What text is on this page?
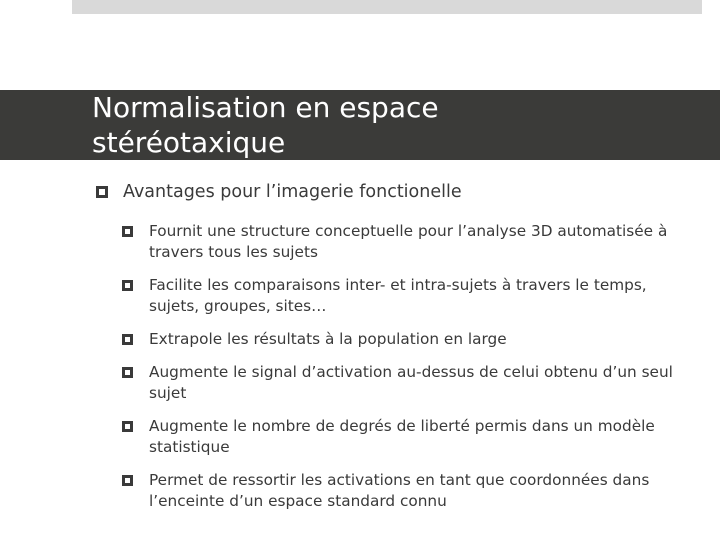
Normalisation en espace
stéréotaxique
Avantages pour l’imagerie fonctionelle
Fournit une structure conceptuelle pour l’analyse 3D automatisée à travers tous les sujets
Facilite les comparaisons inter- et intra-sujets à travers le temps, sujets, groupes, sites…
Extrapole les résultats à la population en large
Augmente le signal d’activation au-dessus de celui obtenu d’un seul sujet
Augmente le nombre de degrés de liberté permis dans un modèle statistique
Permet de ressortir les activations en tant que coordonnées dans l’enceinte d’un espace standard connu
